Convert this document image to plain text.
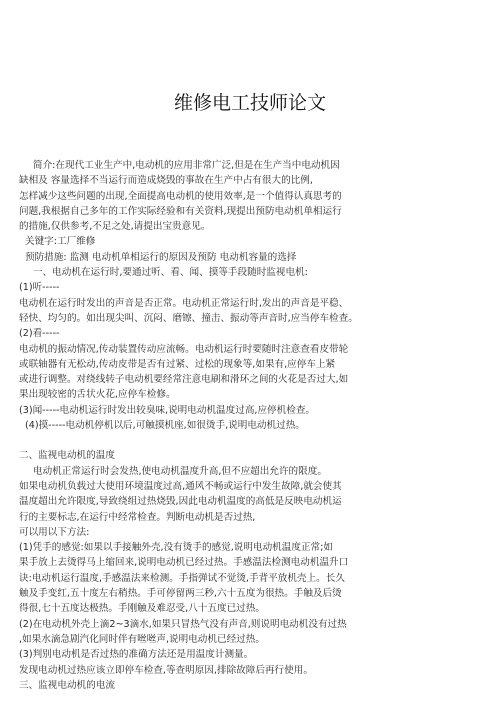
维修电工技师论文

简介:在现代工业生产中,电动机的应用非常广泛,但是在生产当中电动机因

缺相及 容量选择不当运行而造成烧毁的事故在生产中占有很大的比例,

怎样减少这些问题的出现,全面提高电动机的使用效率,是一个值得认真思考的

问题,我根据自己多年的工作实际经验和有关资料,现提出预防电动机单相运行

的措施,仅供参考,不足之处,请提出宝贵意见。

关键字:工厂维修

预防措施: 监测 电动机单相运行的原因及预防 电动机容量的选择

一、电动机在运行时,要通过听、看、闻、摸等手段随时监视电机:

(1)听-----

电动机在运行时发出的声音是否正常。电动机正常运行时,发出的声音是平稳、

轻快、均匀的。如出现尖叫、沉闷、磨镲、撞击、振动等声音时,应当停车检查。

(2)看-----

电动机的振动情况,传动装置传动应流畅。电动机运行时要随时注意查看皮带轮

或联轴器有无松动,传动皮带是否有过紧、过松的现象等,如果有,应停车上紧

或进行调整。对绕线转子电动机要经常注意电刷和滑环之间的火花是否过大,如

果出现较密的舌状火花,应停车检修。

(3)闻-----电动机运行时发出较臭味,说明电动机温度过高,应停机检查。

(4)摸-----电动机停机以后,可触摸机座,如很烫手,说明电动机过热。

二、监视电动机的温度

电动机正常运行时会发热,使电动机温度升高,但不应超出允许的限度。

如果电动机负载过大使用环境温度过高,通风不畅或运行中发生故障,就会使其

温度超出允许限度,导致绕组过热烧毁,因此电动机温度的高低是反映电动机运

行的主要标志,在运行中经常检查。判断电动机是否过热,

可以用以下方法:

(1)凭手的感觉:如果以手接触外壳,没有烫手的感觉,说明电动机温度正常;如

果手放上去烫得马上缩回来,说明电动机已经过热。手感温法检测电动机温升口

诀:电动机运行温度,手感温法来检测。手指弹试不觉烫,手背平放机壳上。长久

触及手变红,五十度左右稍热。手可停留两三秒,六十五度为很热。手触及后烫

得很,七十五度达极热。手刚触及难忍受,八十五度已过热。

(2)在电动机外壳上滴2~3滴水,如果只冒热气没有声音,则说明电动机没有过热

,如果水滴急剧汽化同时伴有咝咝声,说明电动机已经过热。

(3)判别电动机是否过热的准确方法还是用温度计测量。

发现电动机过热应该立即停车检查,等查明原因,排除故障后再行使用。

三、监视电动机的电流
